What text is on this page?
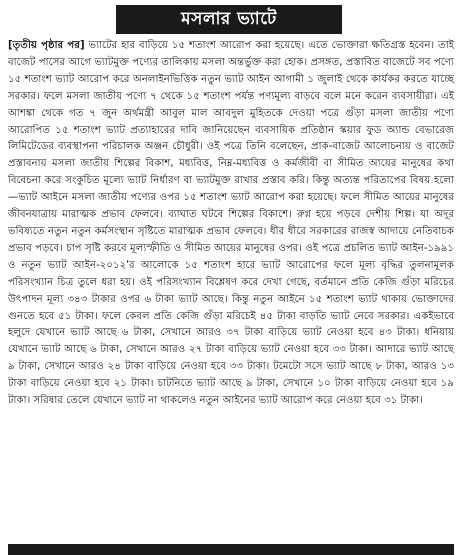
মসলার ভ্যাটে
[তৃতীয় পৃষ্ঠার পর] ভ্যাটের হার বাড়িয়ে ১৫ শতাংশ আরোপ করা হয়েছে। এতে ভোক্তারা ক্ষতিগ্রস্ত হবেন। তাই বাজেট পাসের আগে ভ্যাটমুক্ত পণ্যের তালিকায় মসলা অন্তর্ভুক্ত করা হোক। প্রসঙ্গত, প্রস্তাবিত বাজেটে সব পণ্যে ১৫ শতাংশ ভ্যাট আরোপ করে অনলাইনভিত্তিক নতুন ভ্যাট আইন আগামী ১ জুলাই থেকে কার্যকর করতে যাচ্ছে সরকার। ফলে মসলা জাতীয় পণ্যে ৭ থেকে ১৫ শতাংশ পর্যন্ত পণ্যমূল্য বাড়বে বলে মনে করেন ব্যবসায়ীরা। এই আশঙ্কা থেকে গত ৭ জুন অর্থমন্ত্রী আবুল মাল আবদুল মুহিতকে দেওয়া পত্রে গুঁড়া মসলা জাতীয় পণ্যে আরোপিত ১৫ শতাংশ ভ্যাট প্রত্যাহারের দাবি জানিয়েছেন ব্যবসায়িক প্রতিষ্ঠান স্কয়ার ফুড অ্যান্ড বেভারেজ লিমিটেডের ব্যবস্থাপনা পরিচালক অঞ্জন চৌধুরী। ওই পত্রে তিনি বলেছেন, প্রাক-বাজেট আলোচনায় ও বাজেট প্রস্তাবনায় মসলা জাতীয় শিল্পের বিকাশ, মধ্যবিত্ত, নিম্ন-মধ্যবিত্ত ও কর্মজীবী বা সীমিত আয়ের মানুষের কথা বিবেচনা করে সংকুচিত মূল্যে ভ্যাট নির্ধারণ বা ভ্যাটমুক্ত রাখার প্রস্তাব করি। কিন্তু অত্যন্ত পরিতাপের বিষয় হলো—ভ্যাট আইনে মসলা জাতীয় পণ্যের ওপর ১৫ শতাংশ ভ্যাট আরোপ করা হয়েছে। ফলে সীমিত আয়ের মানুষের জীবনযাত্রায় মারাত্মক প্রভাব ফেলবে। ব্যাঘাত ঘটবে শিল্পের বিকাশে। রুগ্ন হয়ে পড়বে দেশীয় শিল্প। যা অদূর ভবিষ্যতে নতুন নতুন কর্মসংস্থান সৃষ্টিতে মারাত্মক প্রভাব ফেলবে। ধীর ধীরে সরকারের রাজস্ব আদায়ে নেতিবাচক প্রভাব পড়বে। চাপ সৃষ্টি করবে মূল্যস্ফীতি ও সীমিত আয়ের মানুষের ওপর। ওই পত্রে প্রচলিত ভ্যাট আইন-১৯৯১ ও নতুন ভ্যাট আইন-২০১২'র আলোকে ১৫ শতাংশ হারে ভ্যাট আরোপের ফলে মূল্য বৃদ্ধির তুলনামূলক পরিসংখ্যান চিত্র তুলে ধরা হয়। ওই পরিসংখ্যান বিশ্লেষণ করে দেখা গেছে, বর্তমানে প্রতি কেজি গুঁড়া মরিচের উৎপাদন মূল্য ৩৪৩ টাকার ওপর ৬ টাকা ভ্যাট আছে। কিন্তু নতুন আইনে ১৫ শতাংশ ভ্যাট থাকায় ভোক্তাদের গুনতে হবে ৫১ টাকা। ফলে কেবল প্রতি কেজি গুঁড়া মরিচেই ৪৫ টাকা বাড়তি ভ্যাট নেবে সরকার। একইভাবে হলুদে যেখানে ভ্যাট আছে ৬ টাকা, সেখানে আরও ৩৭ টাকা বাড়িয়ে ভ্যাট নেওয়া হবে ৪৩ টাকা। ধনিয়ায় যেখানে ভ্যাট আছে ৬ টাকা, সেখানে আরও ২৭ টাকা বাড়িয়ে ভ্যাট নেওয়া হবে ৩৩ টাকা। আদারে ভ্যাট আছে ৯ টাকা, সেখানে আরও ২৪ টাকা বাড়িয়ে নেওয়া হবে ৩৩ টাকা। টমেটো সসে ভ্যাট আছে ৮ টাকা, আরও ১৩ টাকা বাড়িয়ে নেওয়া হবে ২১ টাকা। চাটনিতে ভ্যাট আছে ৯ টাকা, সেখানে ১০ টাকা বাড়িয়ে নেওয়া হবে ১৯ টাকা। সরিষার তেলে যেখানে ভ্যাট না থাকলেও নতুন আইনের ভ্যাট আরোপ করে নেওয়া হবে ৩১ টাকা।
